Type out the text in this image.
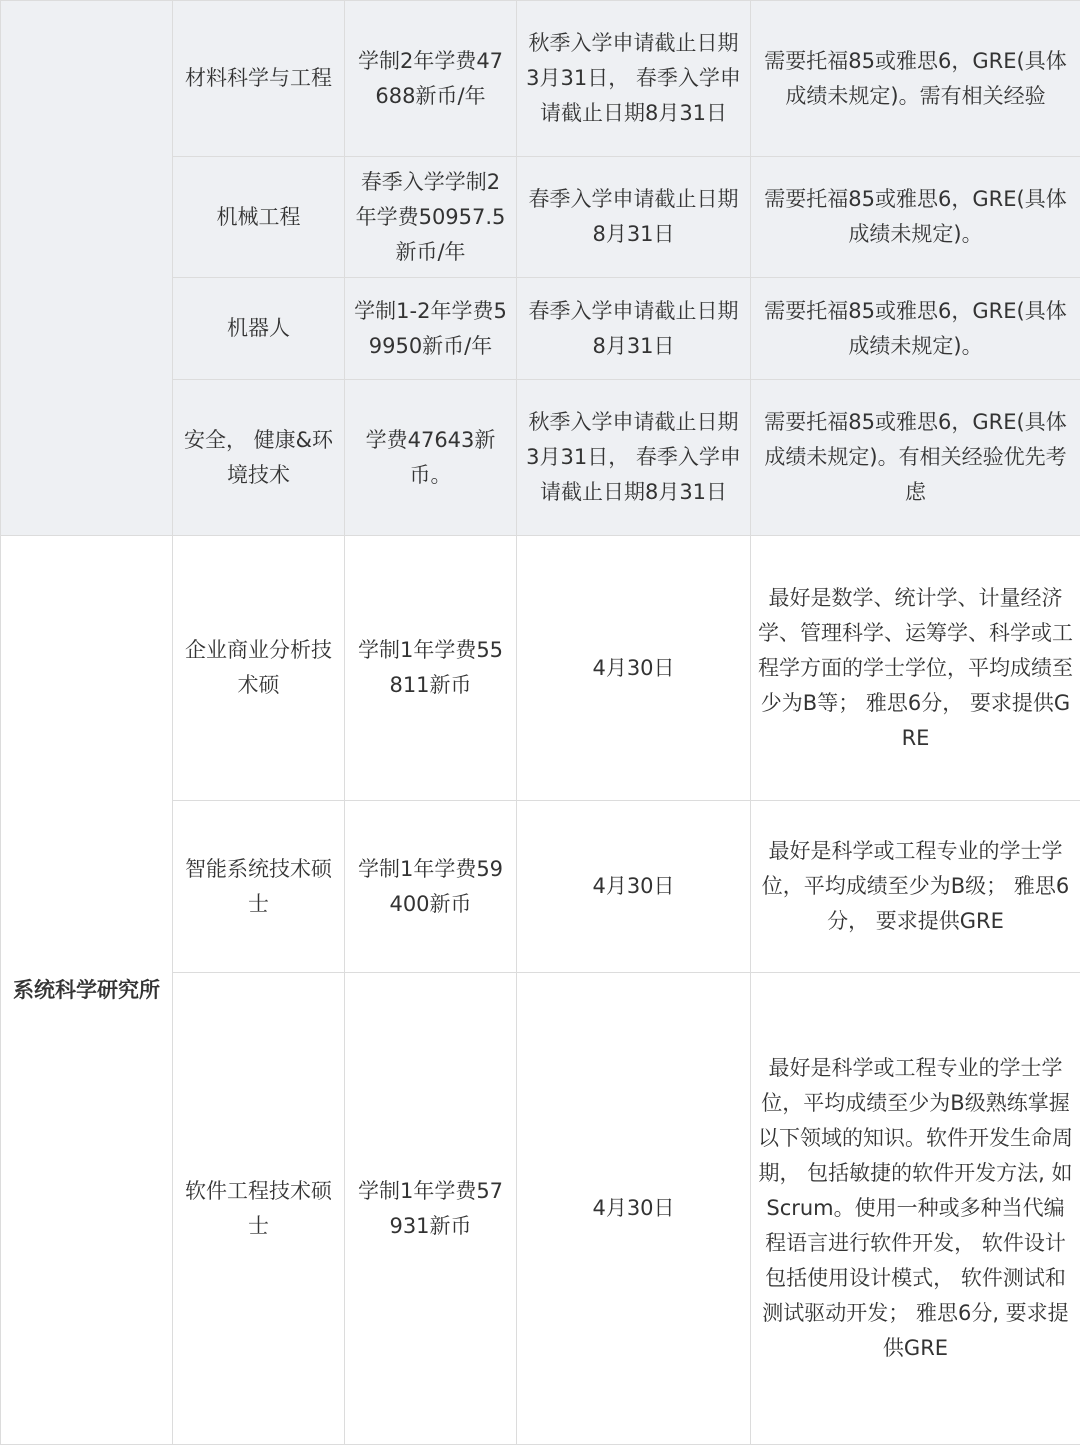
	材料科学与工程	学制2年学费47688新币/年	秋季入学申请截止日期3月31日， 春季入学申请截止日期8月31日	需要托福85或雅思6，GRE(具体成绩未规定)。需有相关经验
	机械工程	春季入学学制2年学费50957.5新币/年	春季入学申请截止日期8月31日	需要托福85或雅思6，GRE(具体成绩未规定)。
	机器人	学制1-2年学费59950新币/年	春季入学申请截止日期8月31日	需要托福85或雅思6，GRE(具体成绩未规定)。
	安全， 健康&环境技术	学费47643新币。	秋季入学申请截止日期3月31日， 春季入学申请截止日期8月31日	需要托福85或雅思6，GRE(具体成绩未规定)。有相关经验优先考虑
系统科学研究所	企业商业分析技术硕	学制1年学费55811新币	4月30日	最好是数学、统计学、计量经济学、管理科学、运筹学、科学或工程学方面的学士学位，平均成绩至少为B等； 雅思6分， 要求提供GRE
	智能系统技术硕士	学制1年学费59400新币	4月30日	最好是科学或工程专业的学士学位，平均成绩至少为B级； 雅思6分， 要求提供GRE
	软件工程技术硕士	学制1年学费57931新币	4月30日	最好是科学或工程专业的学士学位，平均成绩至少为B级熟练掌握以下领域的知识。软件开发生命周期， 包括敏捷的软件开发方法, 如Scrum。使用一种或多种当代编程语言进行软件开发， 软件设计包括使用设计模式， 软件测试和测试驱动开发； 雅思6分, 要求提供GRE
